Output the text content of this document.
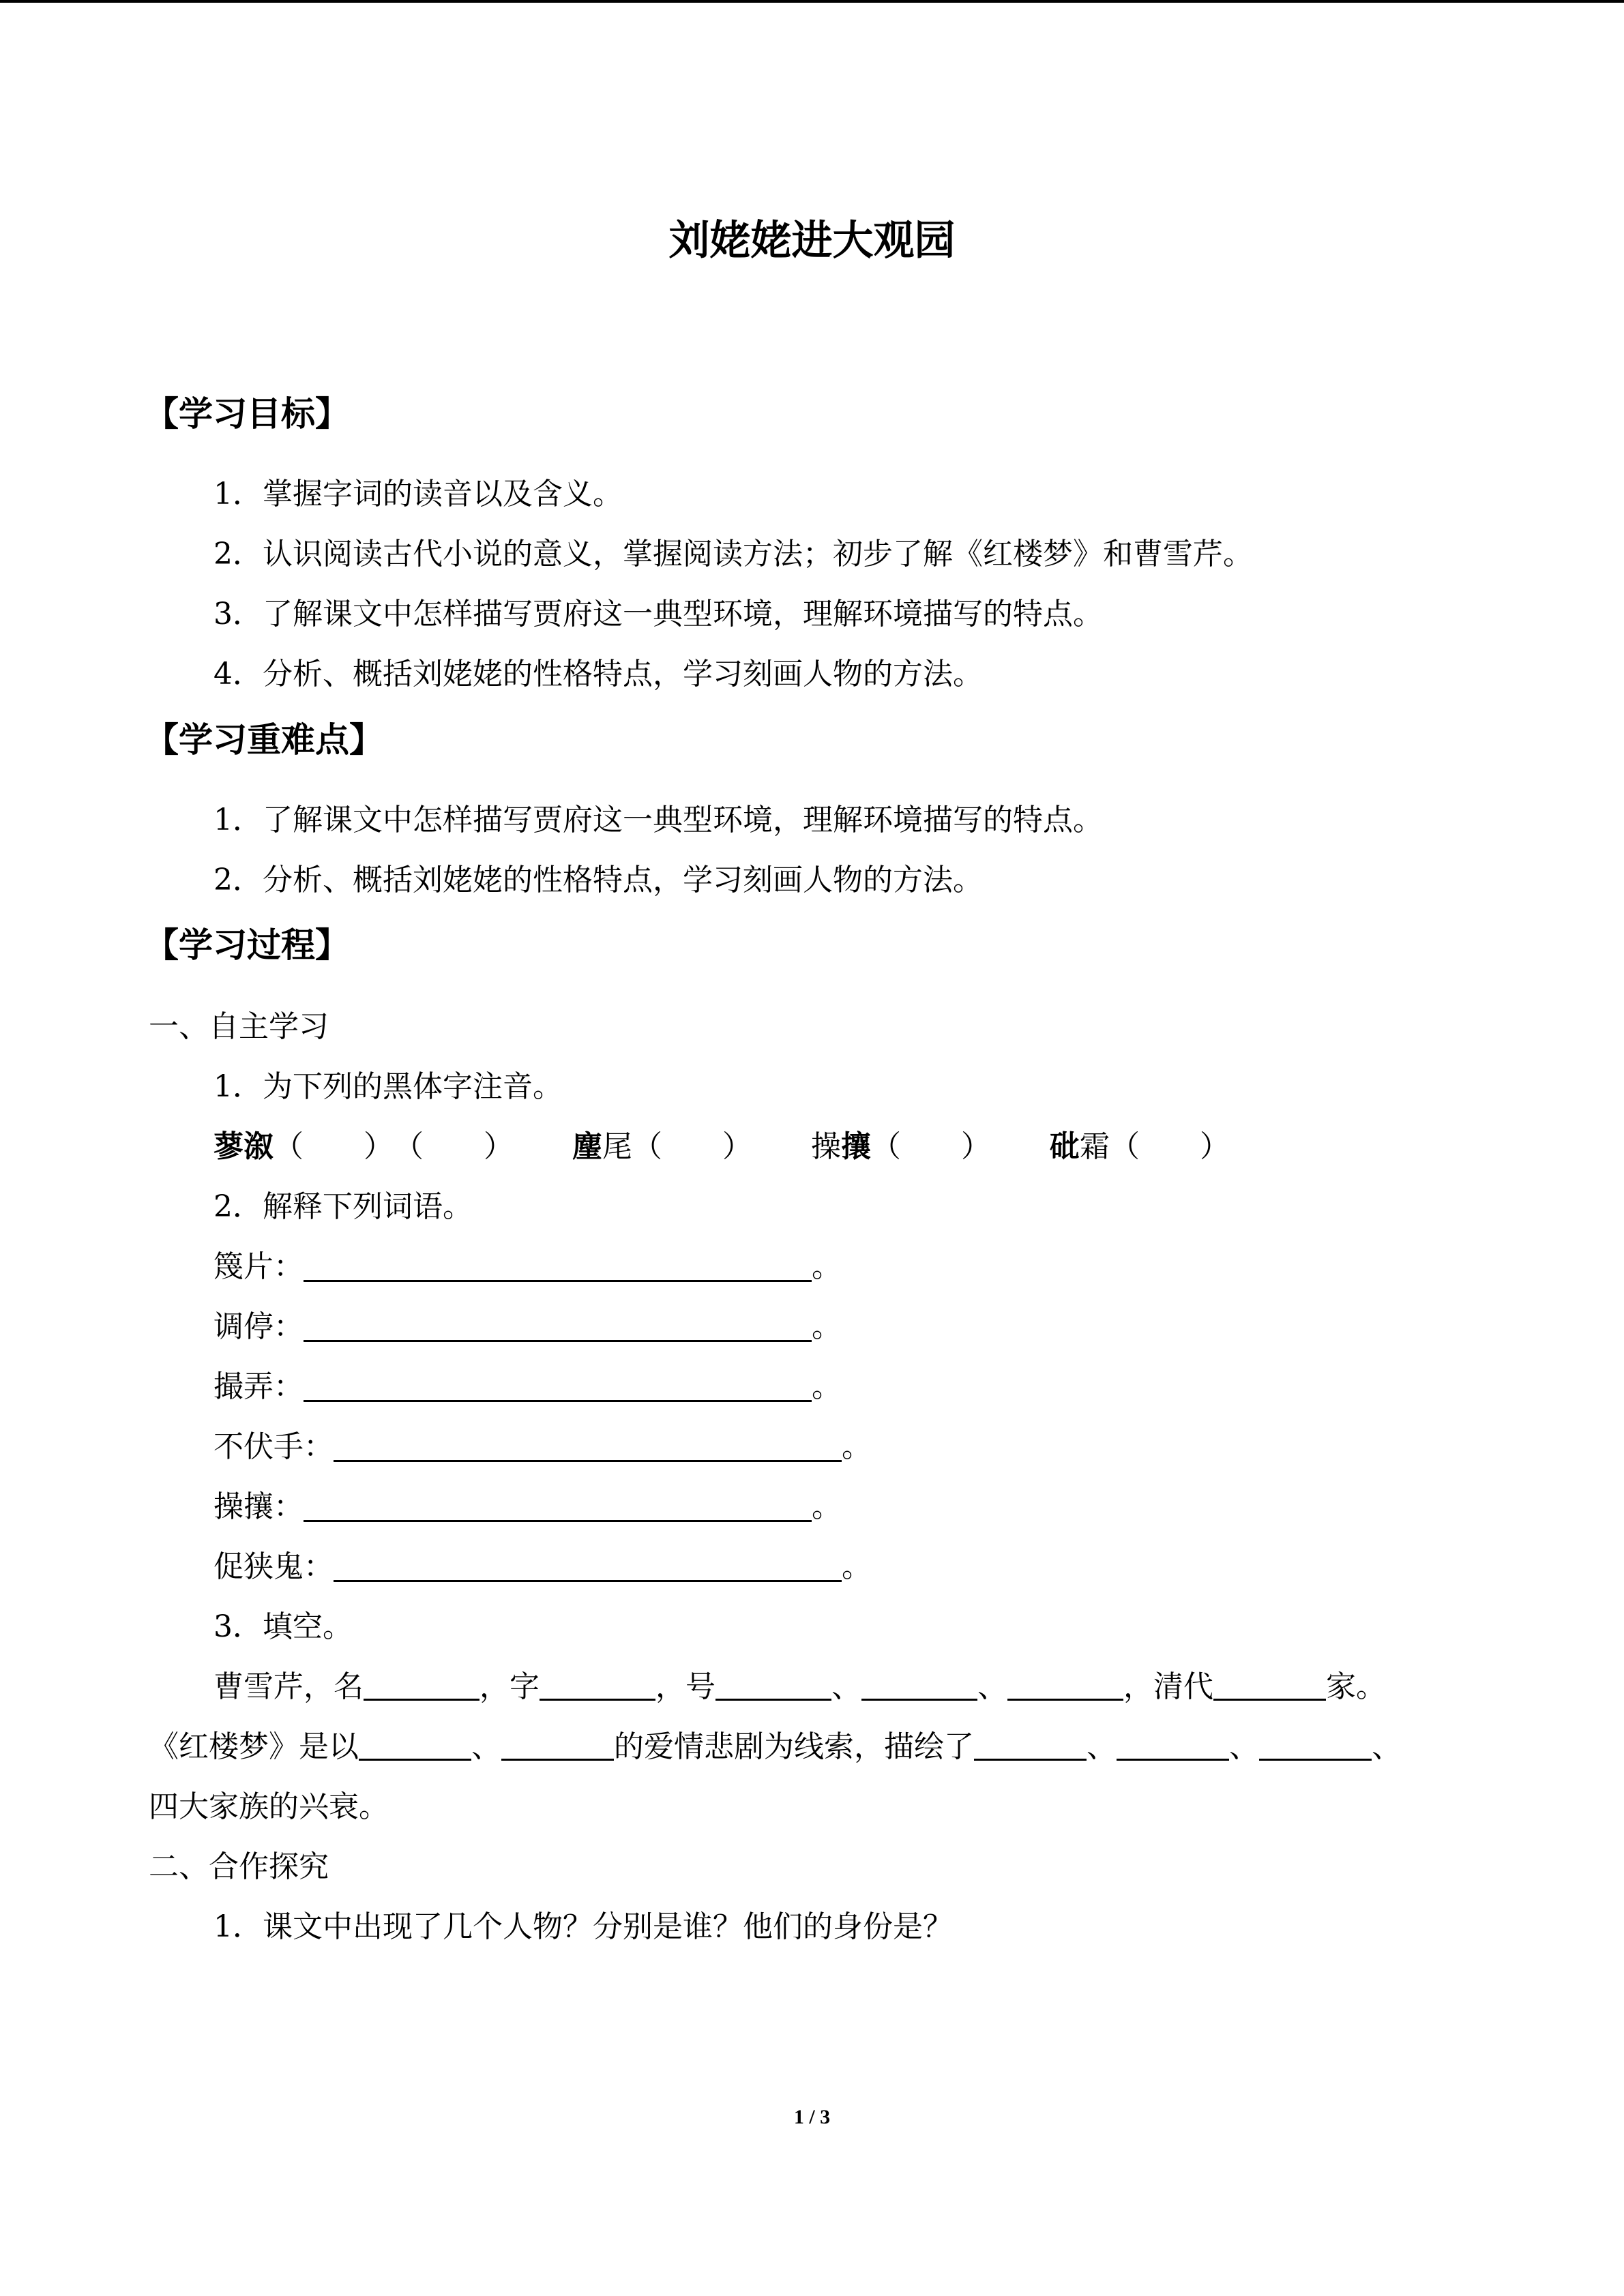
刘姥姥进大观园
【学习目标】
1．掌握字词的读音以及含义。
2．认识阅读古代小说的意义，掌握阅读方法；初步了解《红楼梦》和曹雪芹。
3．了解课文中怎样描写贾府这一典型环境，理解环境描写的特点。
4．分析、概括刘姥姥的性格特点，学习刻画人物的方法。
【学习重难点】
1．了解课文中怎样描写贾府这一典型环境，理解环境描写的特点。
2．分析、概括刘姥姥的性格特点，学习刻画人物的方法。
【学习过程】
一、自主学习
1．为下列的黑体字注音。
蓼溆（　　）（　　） 麈尾（　　） 操攘（　　） 砒霜（　　）
2．解释下列词语。
篾片：	。
调停：	。
撮弄：	。
不伏手：	。
操攘：	。
促狭鬼：	。
3．填空。
曹雪芹，名	，字	，号	、	、	，清代	家。
《红楼梦》是以	、	的爱情悲剧为线索，描绘了	、	、	、
四大家族的兴衰。
二、合作探究
1．课文中出现了几个人物？分别是谁？他们的身份是？
1 / 3
